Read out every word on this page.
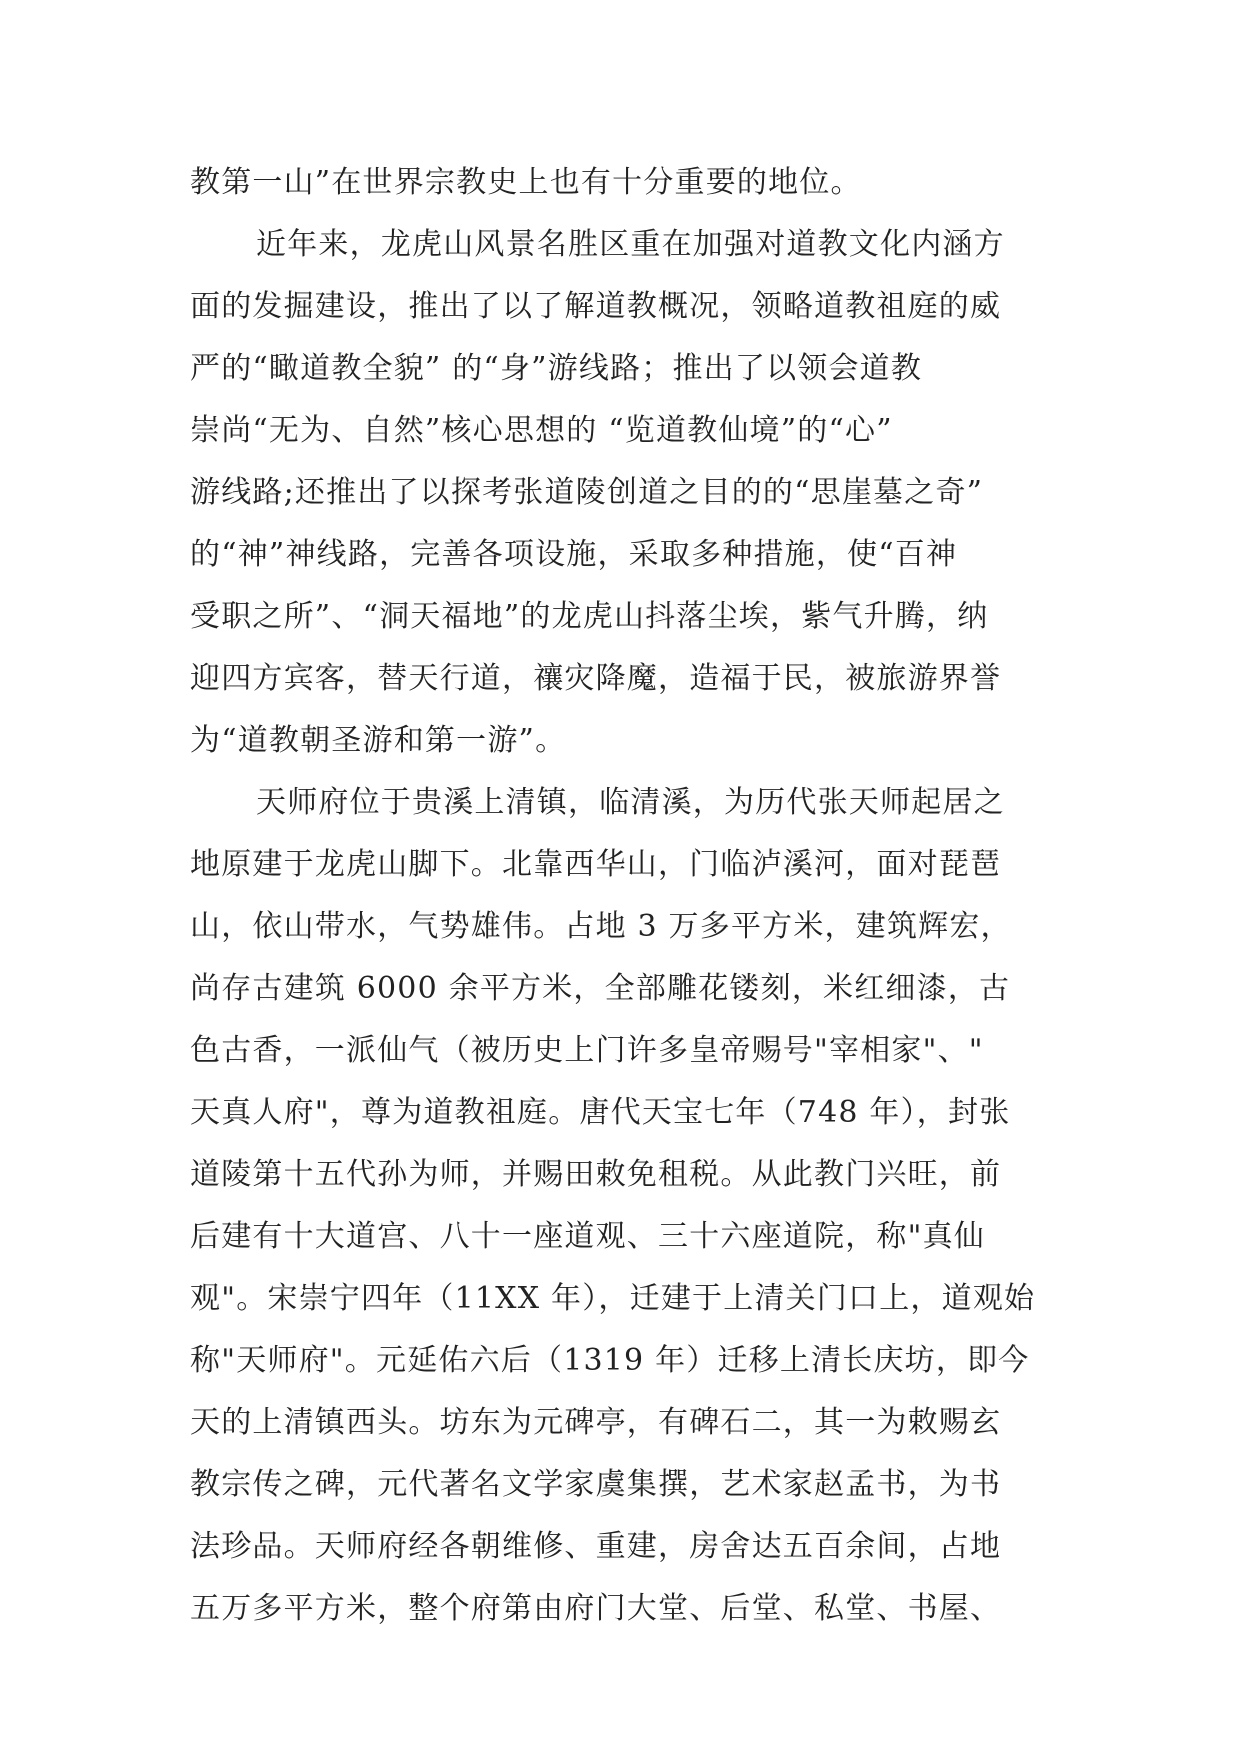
教第一山”在世界宗教史上也有十分重要的地位。
近年来，龙虎山风景名胜区重在加强对道教文化内涵方
面的发掘建设，推出了以了解道教概况，领略道教祖庭的威
严的“瞰道教全貌” 的“身”游线路；推出了以领会道教
崇尚“无为、自然”核心思想的 “览道教仙境”的“心”
游线路;还推出了以探考张道陵创道之目的的“思崖墓之奇”
的“神”神线路，完善各项设施，采取多种措施，使“百神
受职之所”、“洞天福地”的龙虎山抖落尘埃，紫气升腾，纳
迎四方宾客，替天行道，禳灾降魔，造福于民，被旅游界誉
为“道教朝圣游和第一游”。
天师府位于贵溪上清镇，临清溪，为历代张天师起居之
地原建于龙虎山脚下。北靠西华山，门临泸溪河，面对琵琶
山，依山带水，气势雄伟。占地 3 万多平方米，建筑辉宏，
尚存古建筑 6000 余平方米，全部雕花镂刻，米红细漆，古
色古香，一派仙气（被历史上门许多皇帝赐号"宰相家"、"
天真人府"，尊为道教祖庭。唐代天宝七年（748 年），封张
道陵第十五代孙为师，并赐田敕免租税。从此教门兴旺，前
后建有十大道宫、八十一座道观、三十六座道院，称"真仙
观"。宋崇宁四年（11XX 年），迁建于上清关门口上，道观始
称"天师府"。元延佑六后（1319 年）迁移上清长庆坊，即今
天的上清镇西头。坊东为元碑亭，有碑石二，其一为敕赐玄
教宗传之碑，元代著名文学家虞集撰，艺术家赵孟书，为书
法珍品。天师府经各朝维修、重建，房舍达五百余间，占地
五万多平方米，整个府第由府门大堂、后堂、私堂、书屋、
